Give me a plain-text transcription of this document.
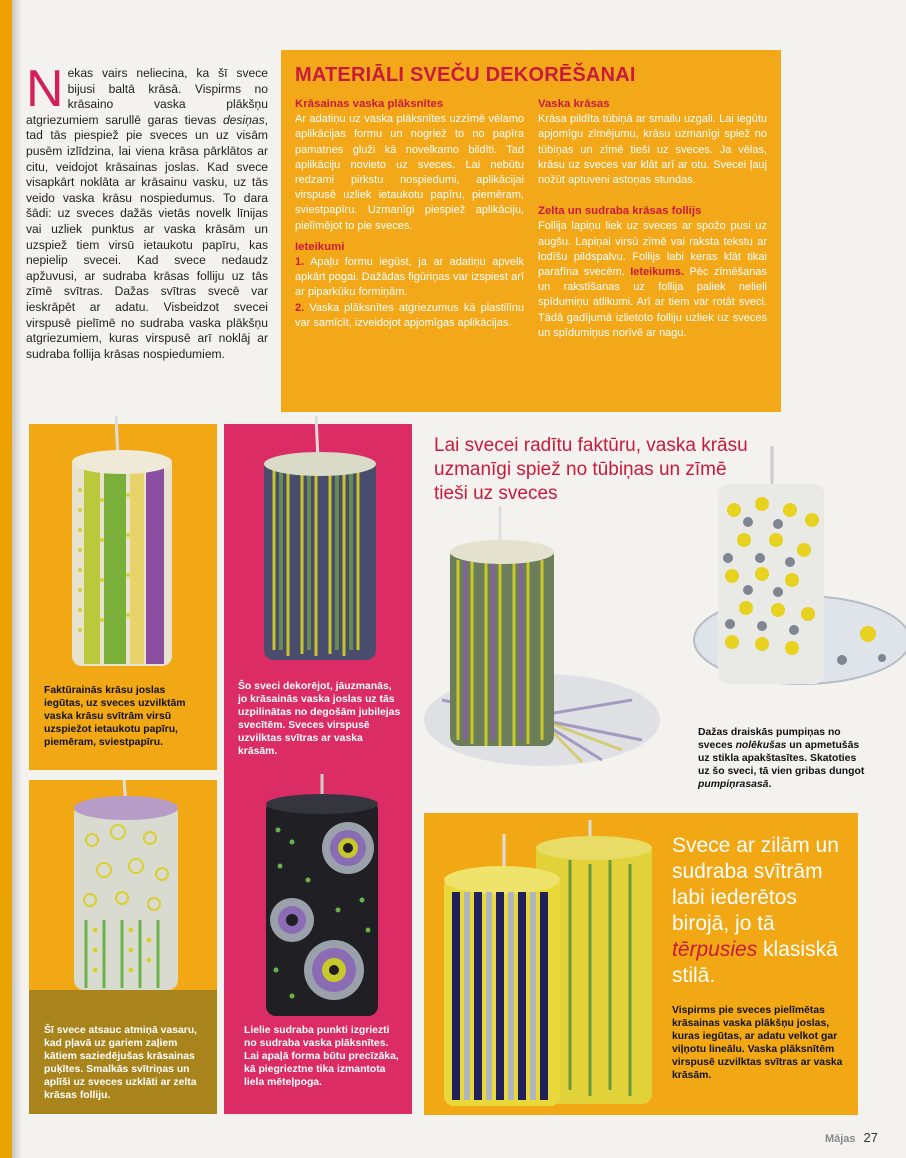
Nekas vairs neliecina, ka šī svece bijusi baltā krāsā. Vispirms no krāsaino vaska plākšņu atgriezumiem sarullē garas tievas desiņas, tad tās piespiež pie sveces un uz visām pusēm izlīdzina, lai viena krāsa pārklātos ar citu, veidojot krāsainas joslas. Kad svece visapkārt noklāta ar krāsainu vasku, uz tās veido vaska krāsu nospiedumus. To dara šādi: uz sveces dažās vietās novelk līnijas vai uzliek punktus ar vaska krāsām un uzspiež tiem virsū ietaukotu papīru, kas nepielip svecei. Kad svece nedaudz apžuvusi, ar sudraba krāsas folliju uz tās zīmē svītras. Dažas svītras svecē var ieskrāpēt ar adatu. Visbeidzot svecei virspusē pielīmē no sudraba vaska plākšņu atgriezumiem, kuras virspusē arī noklāj ar sudraba follija krāsas nospiedumiem.
MATERIĀLI SVEČU DEKORĒŠANAI
Krāsainas vaska plāksnītes

Ar adatiņu uz vaska plāksnītes uzzīmē vēlamo aplikācijas formu un nogriež to no papīra pamatnes gluži kā novelkamo bildīti. Tad aplikāciju novieto uz sveces. Lai nebūtu redzami pirkstu nospiedumi, aplikācijai virspusē uzliek ietaukotu papīru, piemēram, sviestpapīru. Uzmanīgi piespiež aplikāciju, pielīmējot to pie sveces.

Ieteikumi

1. Apaļu formu iegūst, ja ar adatiņu apvelk apkārt pogai. Dažādas figūriņas var izspiest arī ar piparkūku formiņām.

2. Vaska plāksnītes atgriezumus kā plastilīnu var samīcīt, izveidojot apjomīgas aplikācijas.

Vaska krāsas

Krāsa pildīta tūbiņā ar smailu uzgali. Lai iegūtu apjomīgu zīmējumu, krāsu uzmanīgi spiež no tūbiņas un zīmē tieši uz sveces. Ja vēlas, krāsu uz sveces var klāt arī ar otu. Svecei ļauj nožūt aptuveni astoņas stundas.

Zelta un sudraba krāsas follijs

Follija lapiņu liek uz sveces ar spožo pusi uz augšu. Lapiņai virsū zīmē vai raksta tekstu ar lodīšu pildspalvu. Follijs labi keras klāt tikai parafīna svecēm. Ieteikums. Pēc zīmēšanas un rakstīšanas uz follija paliek nelieli spīdumiņu atlikumi. Arī ar tiem var rotāt sveci. Tādā gadījumā izlietoto folliju uzliek uz sveces un spīdumiņus norīvē ar nagu.

Lai svecei radītu faktūru, vaska krāsu uzmanīgi spiež no tūbiņas un zīmē tieši uz sveces
Svece ar zilām un sudraba svītrām labi iederētos birojā, jo tā tērpusies klasiskā stilā.
Faktūrainās krāsu joslas iegūtas, uz sveces uzvilktām vaska krāsu svītrām virsū uzspiežot ietaukotu papīru, piemēram, sviestpapīru.
Šo sveci dekorējot, jāuzmanās, jo krāsainās vaska joslas uz tās uzpilinātas no degošām jubilejas svecītēm. Sveces virspusē uzvilktas svītras ar vaska krāsām.
Dažas draiskās pumpiņas no sveces nolēkušas un apmetušās uz stikla apakštasītes. Skatoties uz šo sveci, tā vien gribas dungot pumpiņrasasā.
Šī svece atsauc atmiņā vasaru, kad pļavā uz gariem zaļiem kātiem saziedējušas krāsainas puķītes. Smalkās svītriņas un aplīši uz sveces uzklāti ar zelta krāsas folliju.
Lielie sudraba punkti izgriezti no sudraba vaska plāksnītes. Lai apaļā forma būtu precīzāka, kā piegrieztne tika izmantota liela mēteļpoga.
Vispirms pie sveces pielīmētas krāsainas vaska plākšņu joslas, kuras iegūtas, ar adatu velkot gar viļņotu lineālu. Vaska plāksnītēm virspusē uzvilktas svītras ar vaska krāsām.
Mājas 27
